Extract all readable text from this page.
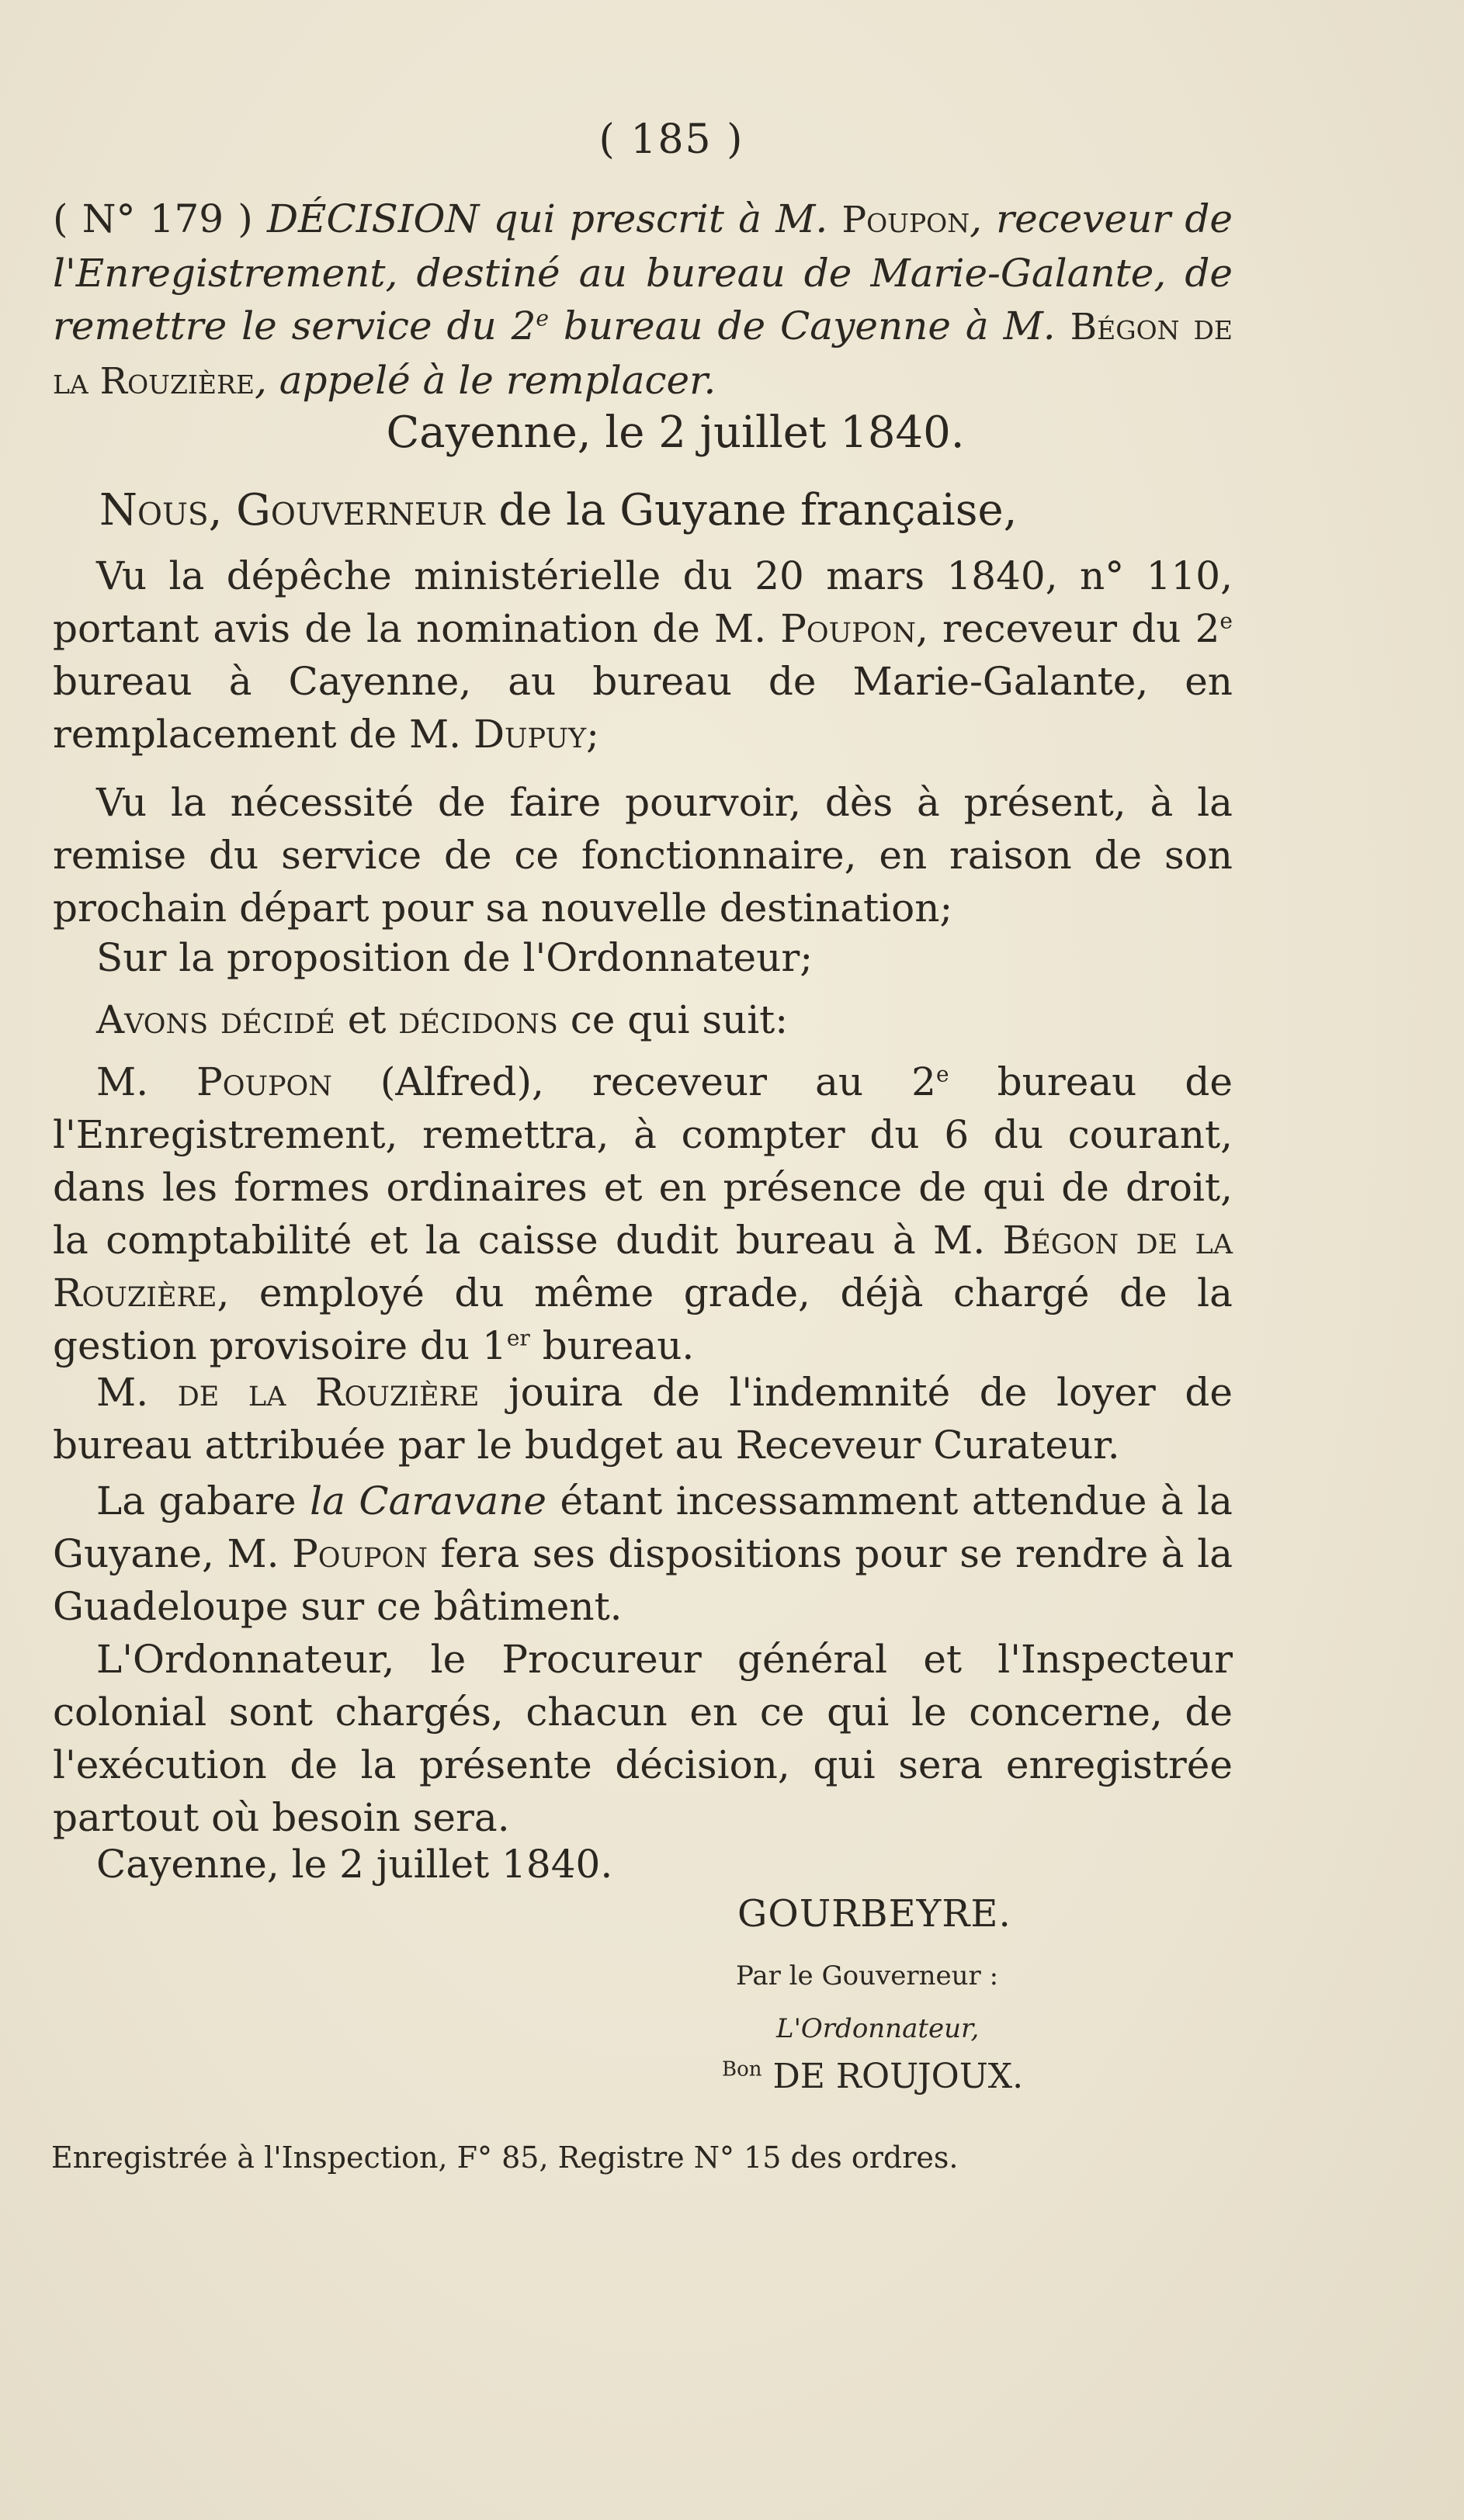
( 185 )
( N° 179 ) DÉCISION qui prescrit à M. Poupon, receveur de l'Enregistrement, destiné au bureau de Marie-Galante, de remettre le service du 2e bureau de Cayenne à M. Bégon de la Rouzière, appelé à le remplacer.
Cayenne, le 2 juillet 1840.
Nous, Gouverneur de la Guyane française,
Vu la dépêche ministérielle du 20 mars 1840, n° 110, portant avis de la nomination de M. Poupon, receveur du 2e bureau à Cayenne, au bureau de Marie-Galante, en remplacement de M. Dupuy;
Vu la nécessité de faire pourvoir, dès à présent, à la remise du service de ce fonctionnaire, en raison de son prochain départ pour sa nouvelle destination;
Sur la proposition de l'Ordonnateur;
Avons décidé et décidons ce qui suit:
M. Poupon (Alfred), receveur au 2e bureau de l'Enregistrement, remettra, à compter du 6 du courant, dans les formes ordinaires et en présence de qui de droit, la comptabilité et la caisse dudit bureau à M. Bégon de la Rouzière, employé du même grade, déjà chargé de la gestion provisoire du 1er bureau.
M. de la Rouzière jouira de l'indemnité de loyer de bureau attribuée par le budget au Receveur Curateur.
La gabare la Caravane étant incessamment attendue à la Guyane, M. Poupon fera ses dispositions pour se rendre à la Guadeloupe sur ce bâtiment.
L'Ordonnateur, le Procureur général et l'Inspecteur colonial sont chargés, chacun en ce qui le concerne, de l'exécution de la présente décision, qui sera enregistrée partout où besoin sera.
Cayenne, le 2 juillet 1840.
GOURBEYRE.
Par le Gouverneur :
L'Ordonnateur,
$^{Bon}$ DE ROUJOUX.
Enregistrée à l'Inspection, F° 85, Registre N° 15 des ordres.
